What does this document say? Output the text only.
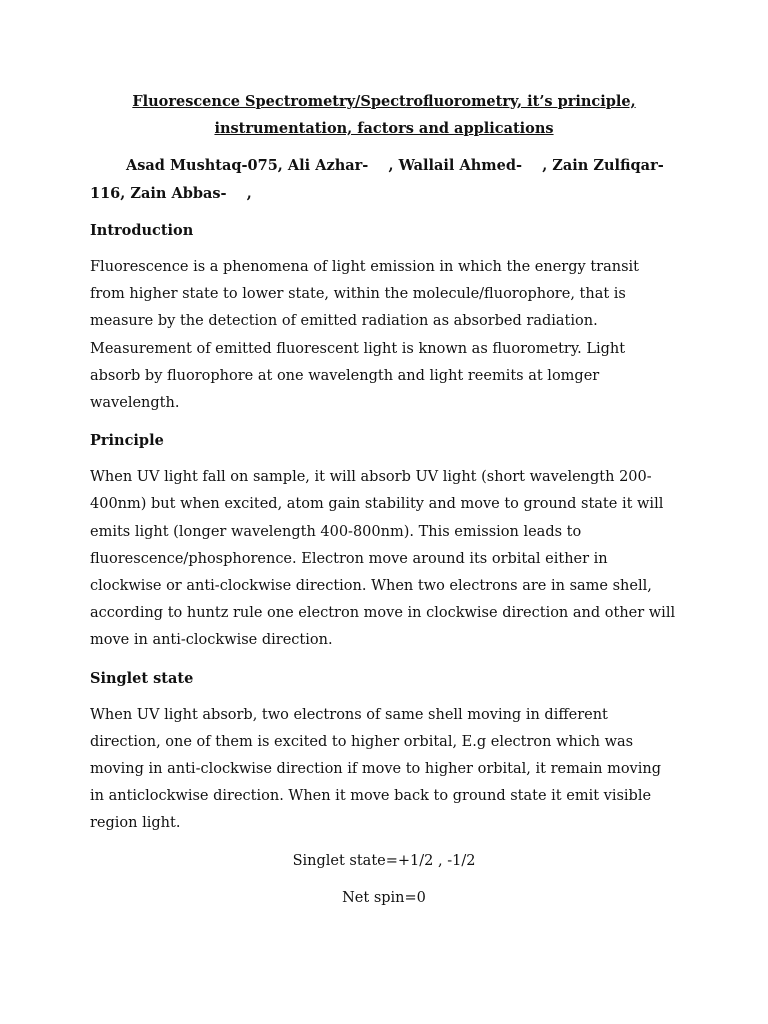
Fluorescence Spectrometry/Spectrofluorometry, it’s principle, instrumentation, factors and applications
Asad Mushtaq-075, Ali Azhar-    , Wallail Ahmed-    , Zain Zulfiqar-116, Zain Abbas-    ,
Introduction
Fluorescence is a phenomena of light emission in which the energy transit from higher state to lower state, within the molecule/fluorophore, that is measure by the detection of emitted radiation as absorbed radiation. Measurement of emitted fluorescent light is known as fluorometry. Light absorb by fluorophore at one wavelength and light reemits at lomger wavelength.
Principle
When UV light fall on sample, it will absorb UV light (short wavelength 200-400nm) but when excited, atom gain stability and move to ground state it will emits light (longer wavelength 400-800nm). This emission leads to fluorescence/phosphorence. Electron move around its orbital either in clockwise or anti-clockwise direction. When two electrons are in same shell, according to huntz rule one electron move in clockwise direction and other will move in anti-clockwise direction.
Singlet state
When UV light absorb, two electrons of same shell moving in different direction, one of them is excited to higher orbital, E.g electron which was moving in anti-clockwise direction if move to higher orbital, it remain moving in anticlockwise direction. When it move back to ground state it emit visible region light.
Singlet state=+1/2 , -1/2
Net spin=0
